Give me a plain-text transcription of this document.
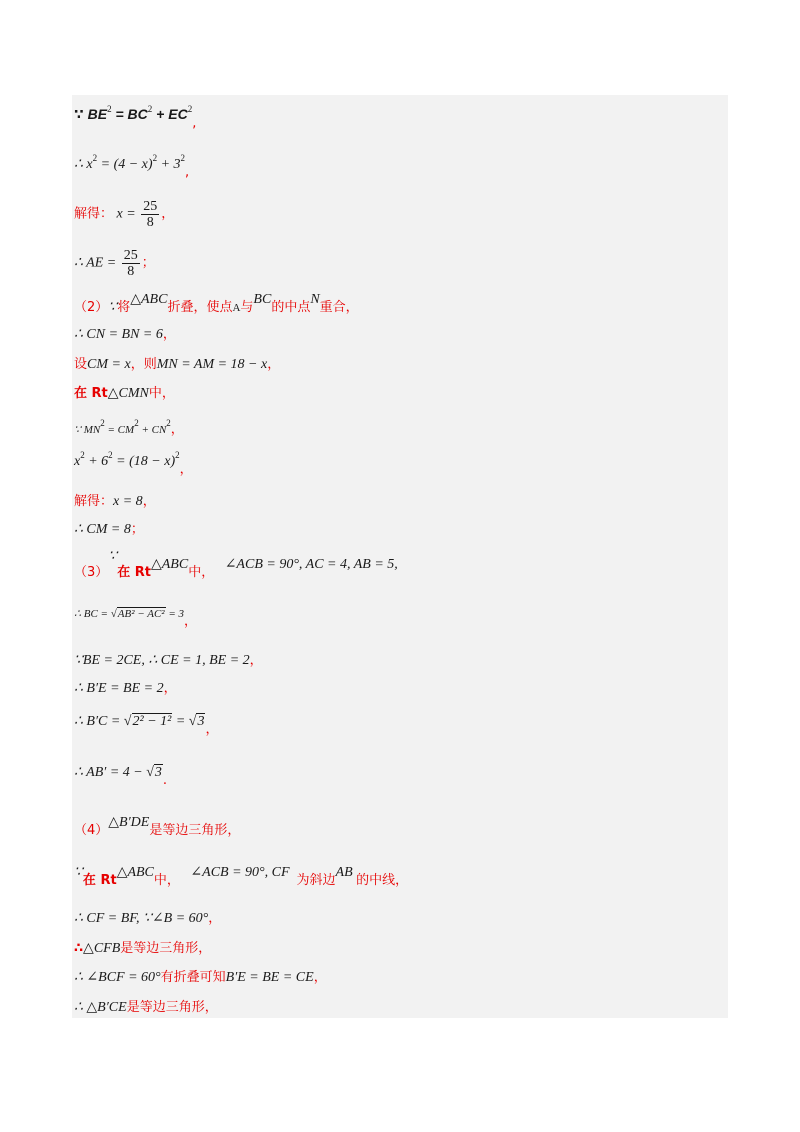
∵ $BE^2 = BC^2 + EC^2$,
∴ $x^2 = (4 - x)^2 + 3^2$,
解得： $x = \frac{25}{8}$ ，
∴ AE = $\frac{25}{8}$ ；
（2）∵将△ABC折叠，使点A与BC的中点N重合，
∴ CN = BN = 6，
设CM = x，则MN = AM = 18 − x，
在 Rt△CMN中，
∵ $MN^2 = CM^2 + CN^2$，
$x^2 + 6^2 = (18 - x)^2$，
解得：x = 8，
∴ CM = 8；
（3）∵在 Rt△ABC中，   ∠ACB = 90°, AC = 4, AB = 5,
∴ BC = √AB² − AC² = 3，
∵BE = 2CE, ∴ CE = 1, BE = 2，
∴ B′E = BE = 2，
∴ B′C = √2² − 1² = √3，
∴ AB′ = 4 − √3.
（4）△B′DE是等边三角形，
∵在 Rt△ABC中，   ∠ACB = 90°, CF  为斜边AB 的中线，
∴ CF = BF, ∵∠B = 60°，
∴△CFB是等边三角形，
∴ ∠BCF = 60°有折叠可知B′E = BE = CE，
∴ △B′CE是等边三角形，
